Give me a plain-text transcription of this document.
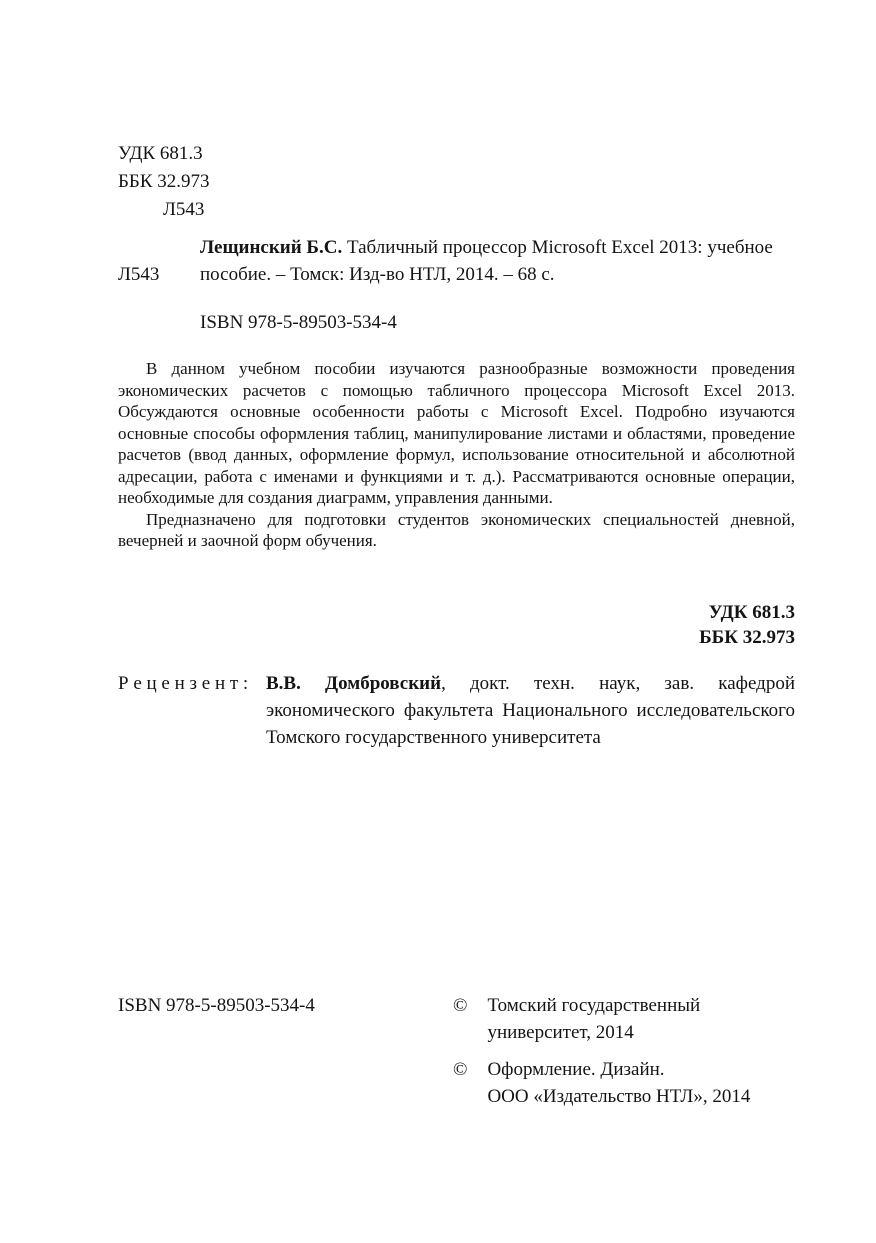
УДК 681.3
ББК 32.973
Л543

Л543
Лещинский Б.С. Табличный процессор Microsoft Excel 2013: учебное пособие. – Томск: Изд-во НТЛ, 2014. – 68 с.

ISBN 978-5-89503-534-4

В данном учебном пособии изучаются разнообразные возможности проведения экономических расчетов с помощью табличного процессора Microsoft Excel 2013. Обсуждаются основные особенности работы с Microsoft Excel. Подробно изучаются основные способы оформления таблиц, манипулирование листами и областями, проведение расчетов (ввод данных, оформление формул, использование относительной и абсолютной адресации, работа с именами и функциями и т. д.). Рассматриваются основные операции, необходимые для создания диаграмм, управления данными.

Предназначено для подготовки студентов экономических специальностей дневной, вечерней и заочной форм обучения.

УДК 681.3
ББК 32.973
Р е ц е н з е н т : В.В. Домбровский, докт. техн. наук, зав. кафедрой экономического факультета Национального исследовательского Томского государственного университета
ISBN 978-5-89503-534-4	© Томский государственный
университет, 2014
© Оформление. Дизайн.
ООО «Издательство НТЛ», 2014
